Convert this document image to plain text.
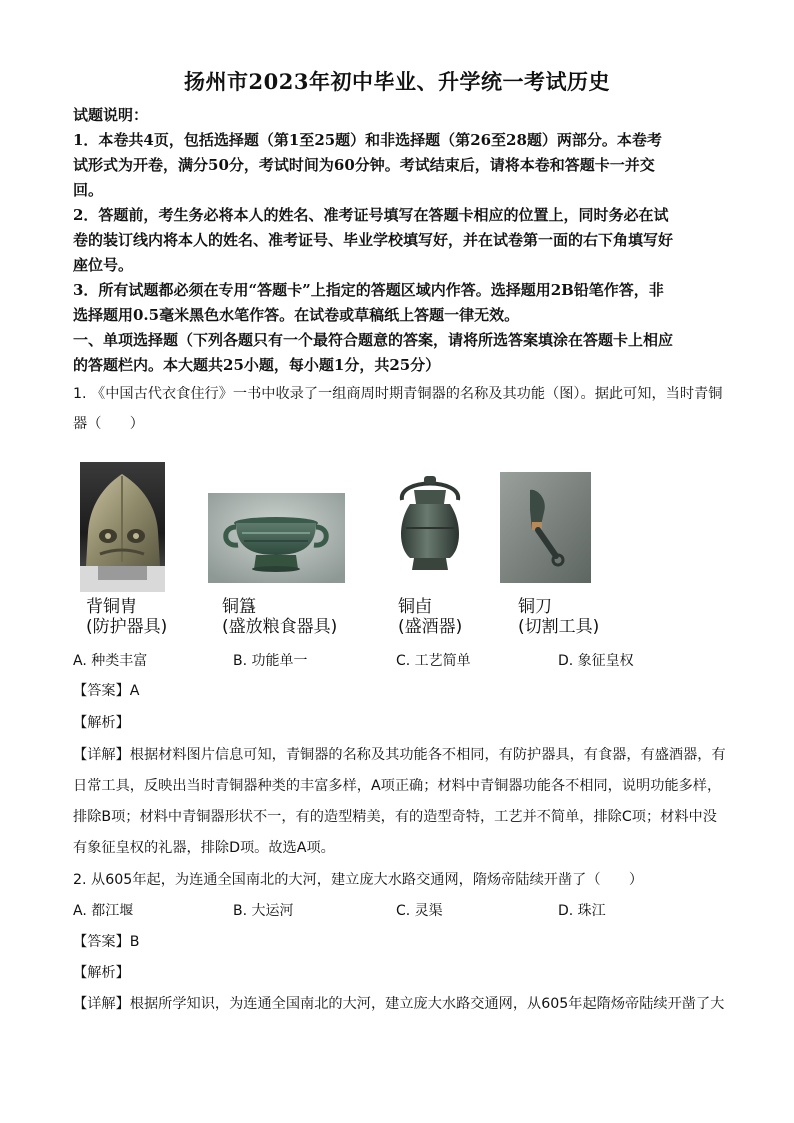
扬州市2023年初中毕业、升学统一考试历史
试题说明：
1．本卷共4页，包括选择题（第1至25题）和非选择题（第26至28题）两部分。本卷考
试形式为开卷，满分50分，考试时间为60分钟。考试结束后，请将本卷和答题卡一并交
回。
2．答题前，考生务必将本人的姓名、准考证号填写在答题卡相应的位置上，同时务必在试
卷的装订线内将本人的姓名、准考证号、毕业学校填写好，并在试卷第一面的右下角填写好
座位号。
3．所有试题都必须在专用“答题卡”上指定的答题区域内作答。选择题用2B铅笔作答，非
选择题用0.5毫米黑色水笔作答。在试卷或草稿纸上答题一律无效。
一、单项选择题（下列各题只有一个最符合题意的答案，请将所选答案填涂在答题卡上相应
的答题栏内。本大题共25小题，每小题1分，共25分）
1. 《中国古代衣食住行》一书中收录了一组商周时期青铜器的名称及其功能（图）。据此可知，当时青铜
器（　　）
背铜胄
(防护器具)
铜簋
(盛放粮食器具)
铜卣
(盛酒器)
铜刀
(切割工具)
A. 种类丰富	B. 功能单一	C. 工艺简单	D. 象征皇权
【答案】A
【解析】
【详解】根据材料图片信息可知，青铜器的名称及其功能各不相同，有防护器具，有食器，有盛酒器，有
日常工具，反映出当时青铜器种类的丰富多样，A项正确；材料中青铜器功能各不相同，说明功能多样，
排除B项；材料中青铜器形状不一，有的造型精美，有的造型奇特，工艺并不简单，排除C项；材料中没
有象征皇权的礼器，排除D项。故选A项。
2. 从605年起，为连通全国南北的大河，建立庞大水路交通网，隋炀帝陆续开凿了（　　）
A. 都江堰	B. 大运河	C. 灵渠	D. 珠江
【答案】B
【解析】
【详解】根据所学知识，为连通全国南北的大河，建立庞大水路交通网，从605年起隋炀帝陆续开凿了大
